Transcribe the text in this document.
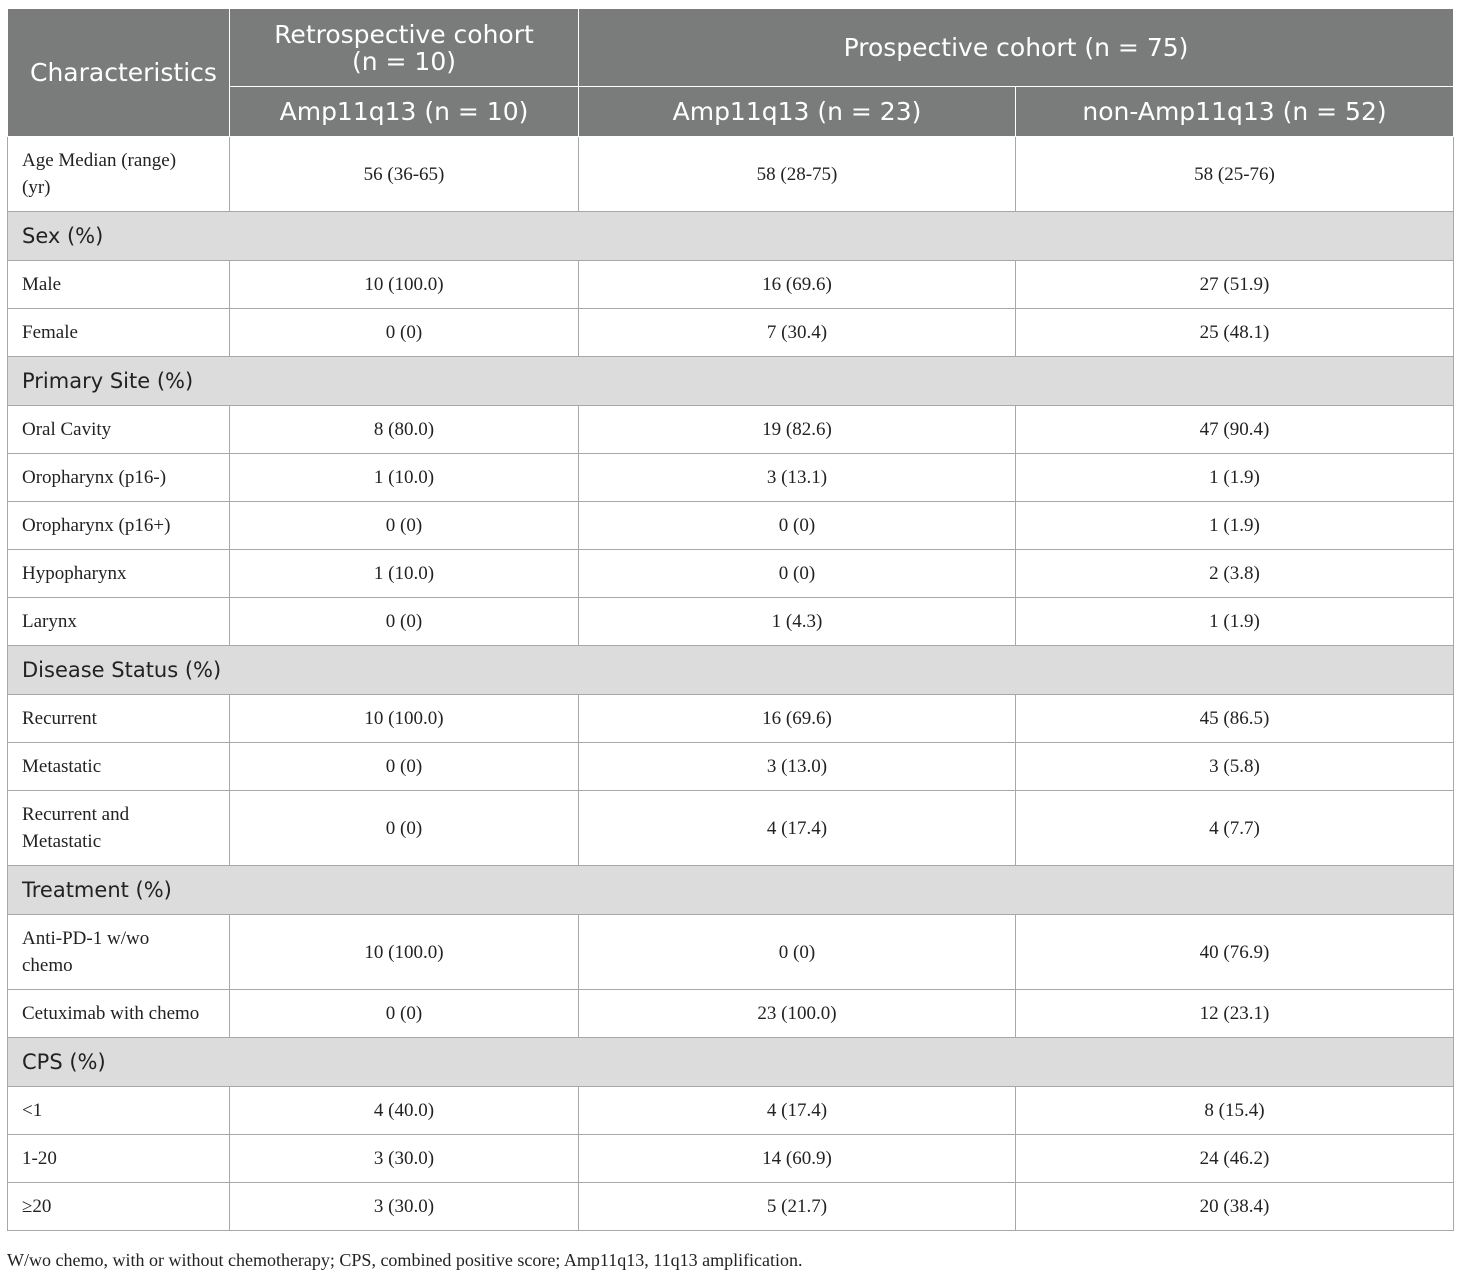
Characteristics	Retrospective cohort (n = 10)	Prospective cohort (n = 75)	
	Amp11q13 (n = 10)	Amp11q13 (n = 23)	non-Amp11q13 (n = 52)
Age Median (range) (yr)	56 (36-65)	58 (28-75)	58 (25-76)
Sex (%)			
Male	10 (100.0)	16 (69.6)	27 (51.9)
Female	0 (0)	7 (30.4)	25 (48.1)
Primary Site (%)			
Oral Cavity	8 (80.0)	19 (82.6)	47 (90.4)
Oropharynx (p16-)	1 (10.0)	3 (13.1)	1 (1.9)
Oropharynx (p16+)	0 (0)	0 (0)	1 (1.9)
Hypopharynx	1 (10.0)	0 (0)	2 (3.8)
Larynx	0 (0)	1 (4.3)	1 (1.9)
Disease Status (%)			
Recurrent	10 (100.0)	16 (69.6)	45 (86.5)
Metastatic	0 (0)	3 (13.0)	3 (5.8)
Recurrent and Metastatic	0 (0)	4 (17.4)	4 (7.7)
Treatment (%)			
Anti-PD-1 w/wo chemo	10 (100.0)	0 (0)	40 (76.9)
Cetuximab with chemo	0 (0)	23 (100.0)	12 (23.1)
CPS (%)			
<1	4 (40.0)	4 (17.4)	8 (15.4)
1-20	3 (30.0)	14 (60.9)	24 (46.2)
≥20	3 (30.0)	5 (21.7)	20 (38.4)
W/wo chemo, with or without chemotherapy; CPS, combined positive score; Amp11q13, 11q13 amplification.
